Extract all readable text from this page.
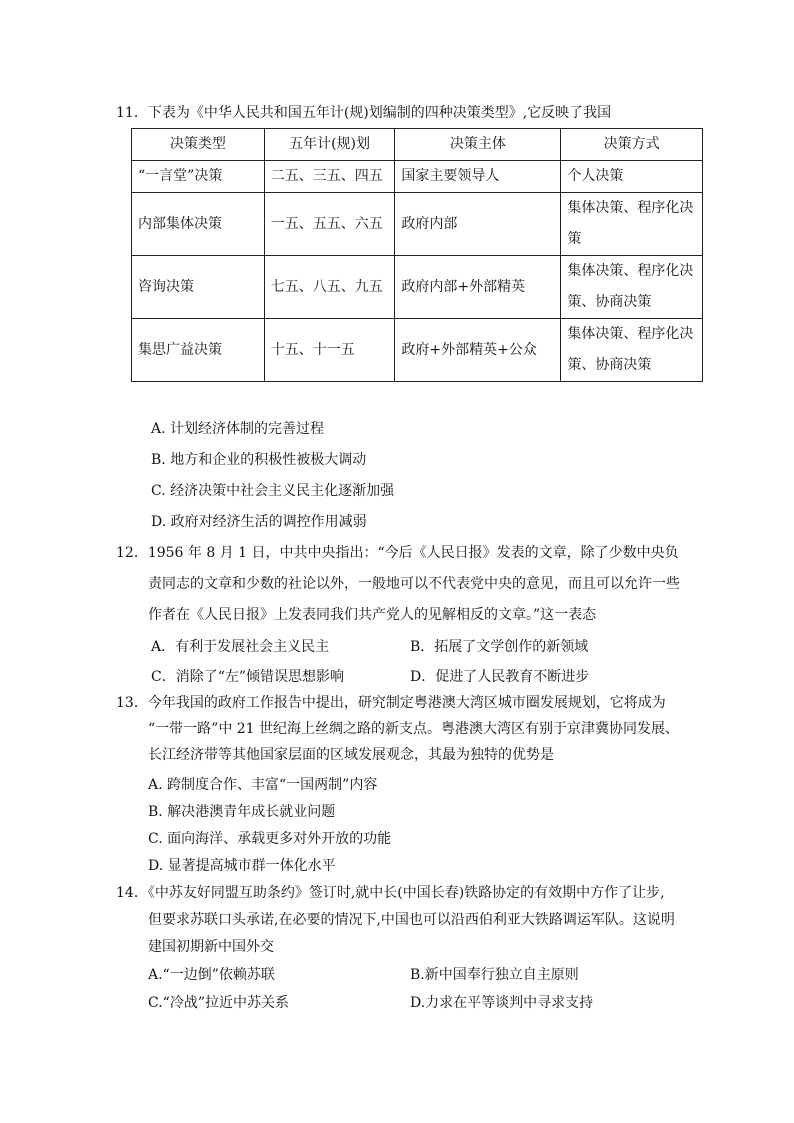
11．下表为《中华人民共和国五年计(规)划编制的四种决策类型》,它反映了我国
决策类型	五年计(规)划	决策主体	决策方式
“一言堂”决策	二五、三五、四五	国家主要领导人	个人决策
内部集体决策	一五、五五、六五	政府内部	集体决策、程序化决策
咨询决策	七五、八五、九五	政府内部+外部精英	集体决策、程序化决策、协商决策
集思广益决策	十五、十一五	政府+外部精英+公众	集体决策、程序化决策、协商决策
A. 计划经济体制的完善过程
B. 地方和企业的积极性被极大调动
C. 经济决策中社会主义民主化逐渐加强
D. 政府对经济生活的调控作用减弱
12．1956 年 8 月 1 日，中共中央指出：“今后《人民日报》发表的文章，除了少数中央负
责同志的文章和少数的社论以外，一般地可以不代表党中央的意见，而且可以允许一些
作者在《人民日报》上发表同我们共产党人的见解相反的文章。”这一表态
A．有利于发展社会主义民主	B．拓展了文学创作的新领域
C．消除了“左”倾错误思想影响	D．促进了人民教育不断进步
13．今年我国的政府工作报告中提出，研究制定粤港澳大湾区城市圈发展规划，它将成为
“一带一路”中 21 世纪海上丝绸之路的新支点。粤港澳大湾区有别于京津冀协同发展、
长江经济带等其他国家层面的区域发展观念，其最为独特的优势是
A. 跨制度合作、丰富“一国两制”内容
B. 解决港澳青年成长就业问题
C. 面向海洋、承载更多对外开放的功能
D. 显著提高城市群一体化水平
14．《中苏友好同盟互助条约》签订时,就中长(中国长春)铁路协定的有效期中方作了让步,
但要求苏联口头承诺,在必要的情况下,中国也可以沿西伯利亚大铁路调运军队。这说明
建国初期新中国外交
A.“一边倒”依赖苏联	B.新中国奉行独立自主原则
C.“冷战”拉近中苏关系	D.力求在平等谈判中寻求支持
